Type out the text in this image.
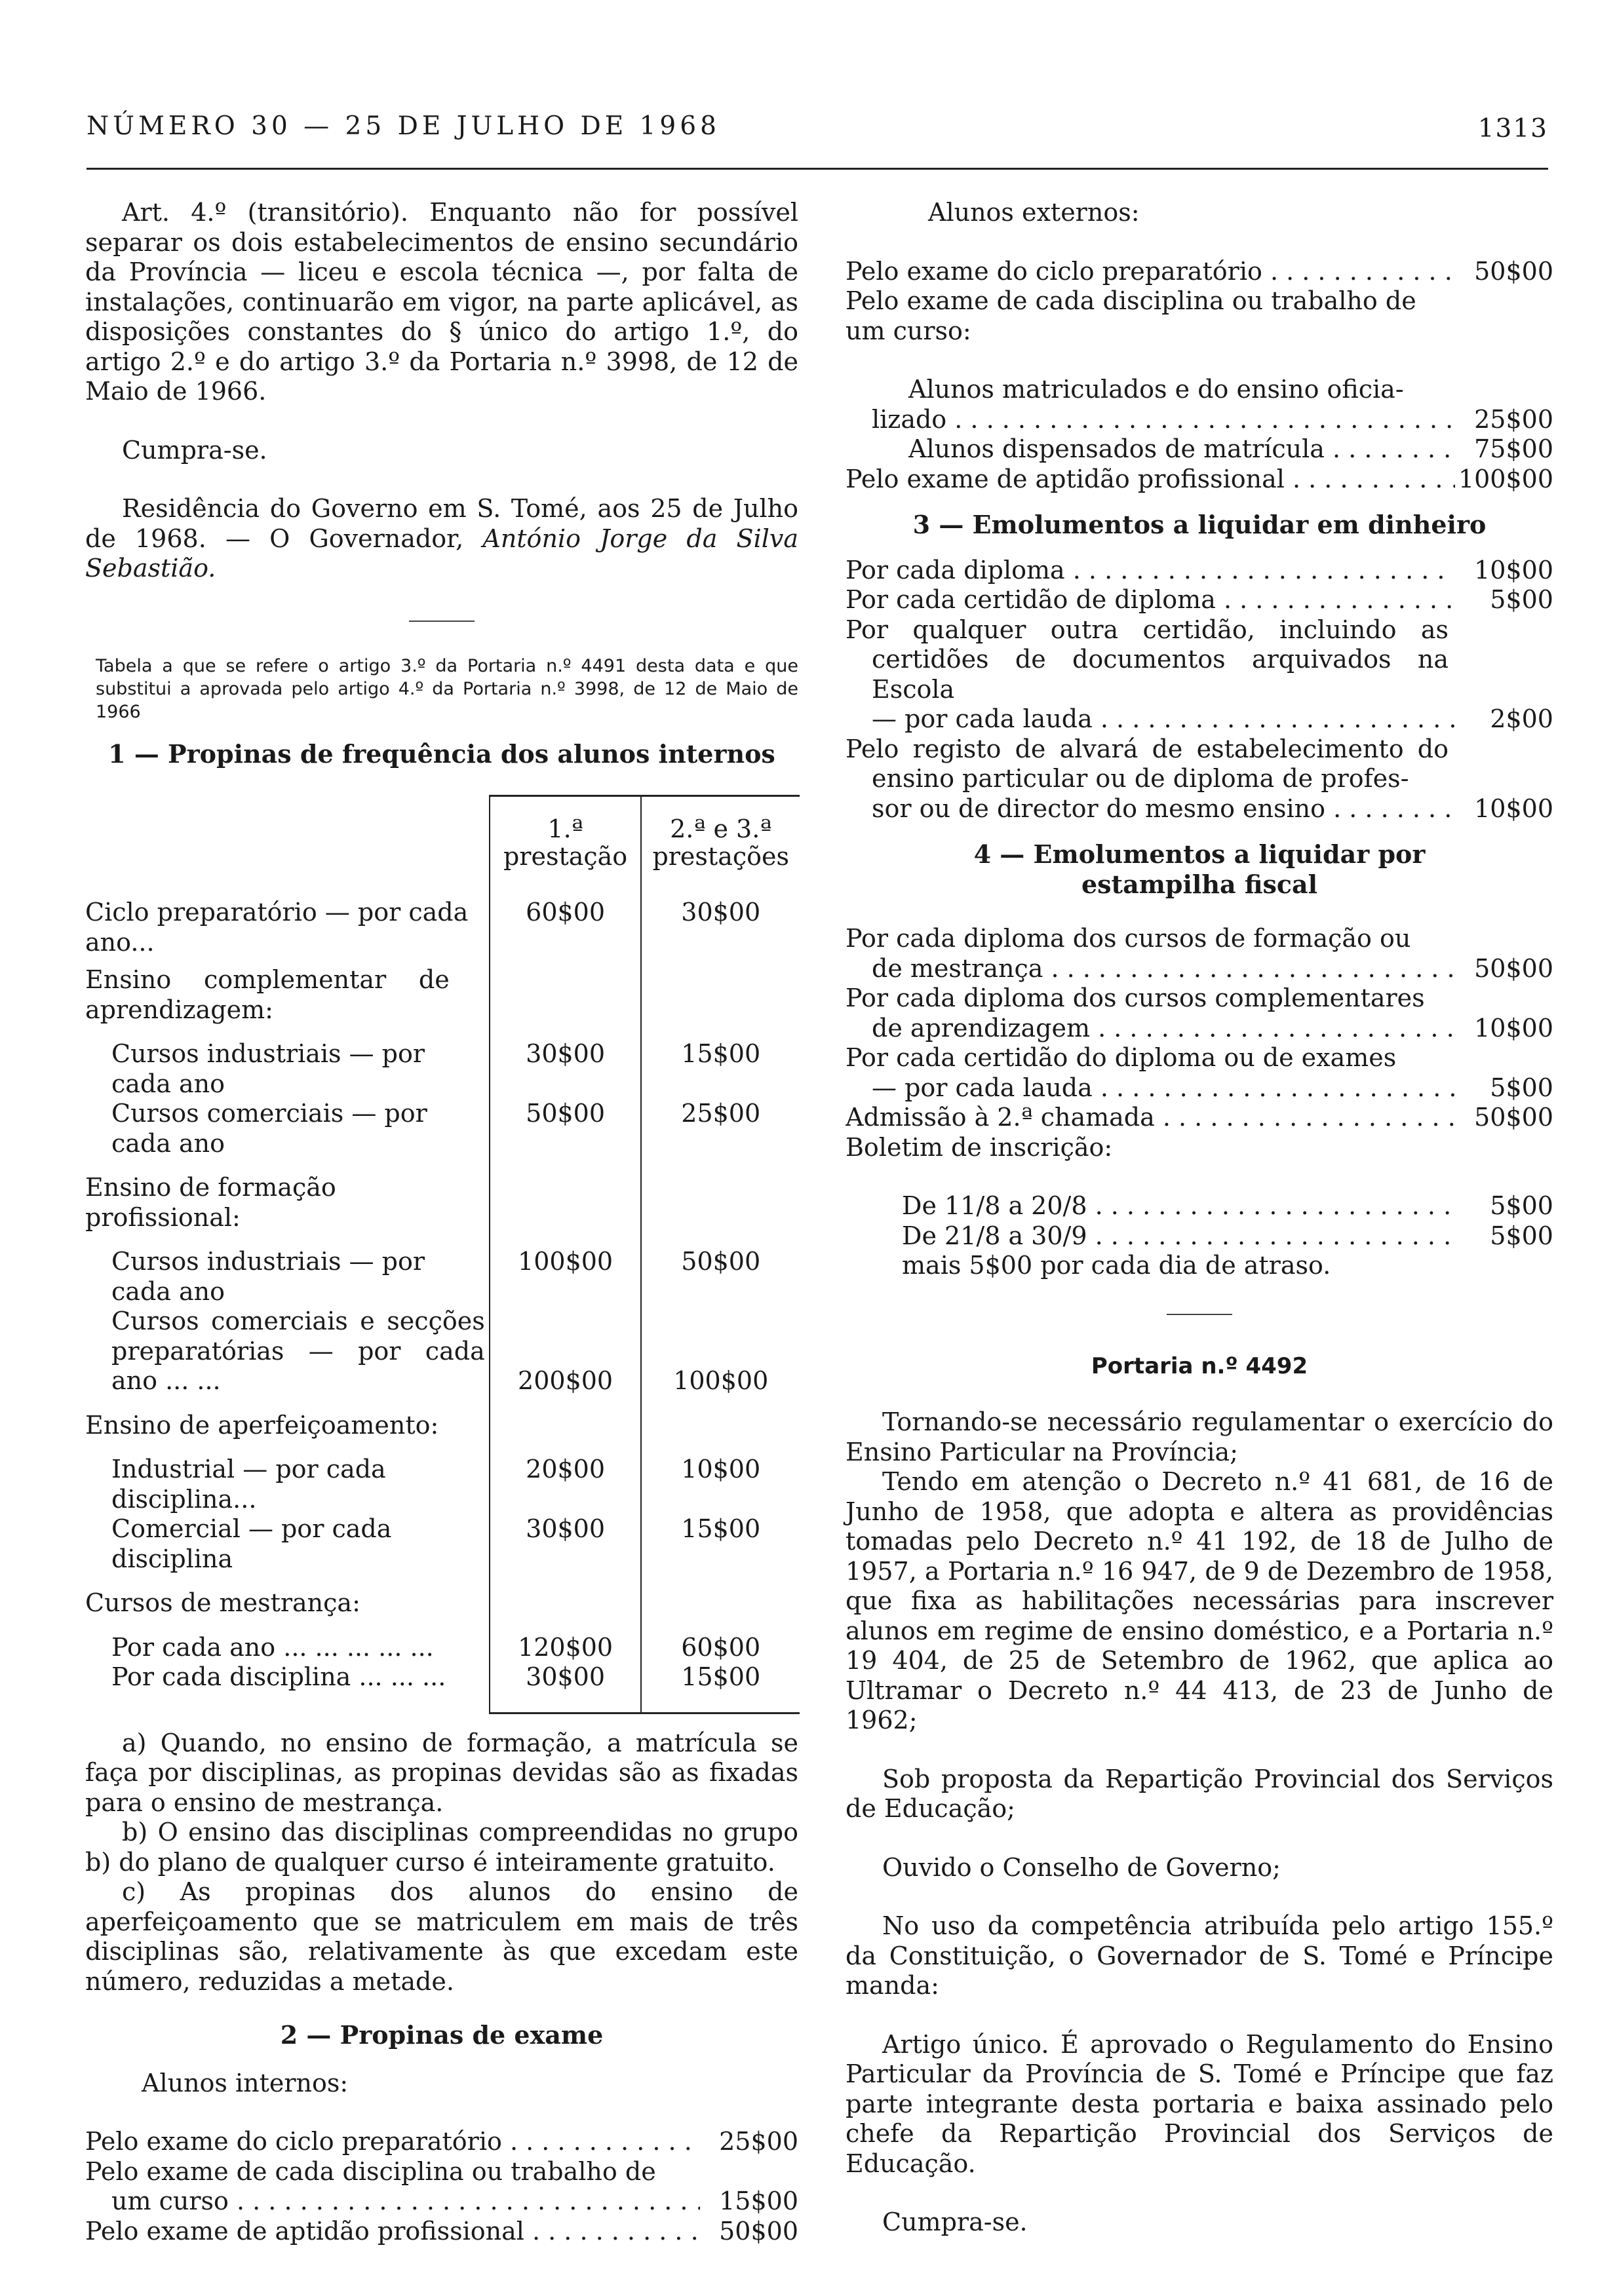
NÚMERO 30 — 25 DE JULHO DE 1968	1313

Art. 4.º (transitório). Enquanto não for possível separar os dois estabelecimentos de ensino secundário da Província — liceu e escola técnica —, por falta de instalações, continuarão em vigor, na parte aplicável, as disposições constantes do § único do artigo 1.º, do artigo 2.º e do artigo 3.º da Portaria n.º 3998, de 12 de Maio de 1966.

Cumpra-se.

Residência do Governo em S. Tomé, aos 25 de Julho de 1968. — O Governador, António Jorge da Silva Sebastião.

Tabela a que se refere o artigo 3.º da Portaria n.º 4491 desta data e que substitui a aprovada pelo artigo 4.º da Portaria n.º 3998, de 12 de Maio de 1966

1 — Propinas de frequência dos alunos internos

	1.ª prestação	2.ª e 3.ª prestações
Ciclo preparatório — por cada ano...	60$00	30$00
Ensino complementar de aprendizagem:		
Cursos industriais — por cada ano	30$00	15$00
Cursos comerciais — por cada ano	50$00	25$00
Ensino de formação profissional:		
Cursos industriais — por cada ano	100$00	50$00
Cursos comerciais e secções preparatórias — por cada ano ... ...	200$00	100$00
Ensino de aperfeiçoamento:		
Industrial — por cada disciplina...	20$00	10$00
Comercial — por cada disciplina	30$00	15$00
Cursos de mestrança:		
Por cada ano ... ... ... ... ...	120$00	60$00
Por cada disciplina ... ... ...	30$00	15$00

a) Quando, no ensino de formação, a matrícula se faça por disciplinas, as propinas devidas são as fixadas para o ensino de mestrança.

b) O ensino das disciplinas compreendidas no grupo b) do plano de qualquer curso é inteiramente gratuito.

c) As propinas dos alunos do ensino de aperfeiçoamento que se matriculem em mais de três disciplinas são, relativamente às que excedam este número, reduzidas a metade.

2 — Propinas de exame

Alunos internos:

Pelo exame do ciclo preparatório . . .	25$00

Pelo exame de cada disciplina ou trabalho de

um curso . . .	15$00
Pelo exame de aptidão profissional . . .	50$00

Alunos externos:

Pelo exame do ciclo preparatório . . .	50$00

Pelo exame de cada disciplina ou trabalho de um curso:

Alunos matriculados e do ensino oficia-

lizado . . .	25$00
Alunos dispensados de matrícula . . .	75$00
Pelo exame de aptidão profissional . . .	100$00

3 — Emolumentos a liquidar em dinheiro

Por cada diploma . . .	10$00
Por cada certidão de diploma . . .	5$00

Por qualquer outra certidão, incluindo as certidões de documentos arquivados na Escola

— por cada lauda . . .	2$00

Pelo registo de alvará de estabelecimento do ensino particular ou de diploma de profes-

sor ou de director do mesmo ensino . . .	10$00

4 — Emolumentos a liquidar por estampilha fiscal

Por cada diploma dos cursos de formação ou

de mestrança . . .	50$00

Por cada diploma dos cursos complementares

de aprendizagem . . .	10$00

Por cada certidão do diploma ou de exames

— por cada lauda . . .	5$00
Admissão à 2.ª chamada . . .	50$00

Boletim de inscrição:

De 11/8 a 20/8 . . .	5$00
De 21/8 a 30/9 . . .	5$00

mais 5$00 por cada dia de atraso.

Portaria n.º 4492

Tornando-se necessário regulamentar o exercício do Ensino Particular na Província;

Tendo em atenção o Decreto n.º 41 681, de 16 de Junho de 1958, que adopta e altera as providências tomadas pelo Decreto n.º 41 192, de 18 de Julho de 1957, a Portaria n.º 16 947, de 9 de Dezembro de 1958, que fixa as habilitações necessárias para inscrever alunos em regime de ensino doméstico, e a Portaria n.º 19 404, de 25 de Setembro de 1962, que aplica ao Ultramar o Decreto n.º 44 413, de 23 de Junho de 1962;

Sob proposta da Repartição Provincial dos Serviços de Educação;

Ouvido o Conselho de Governo;

No uso da competência atribuída pelo artigo 155.º da Constituição, o Governador de S. Tomé e Príncipe manda:

Artigo único. É aprovado o Regulamento do Ensino Particular da Província de S. Tomé e Príncipe que faz parte integrante desta portaria e baixa assinado pelo chefe da Repartição Provincial dos Serviços de Educação.

Cumpra-se.
